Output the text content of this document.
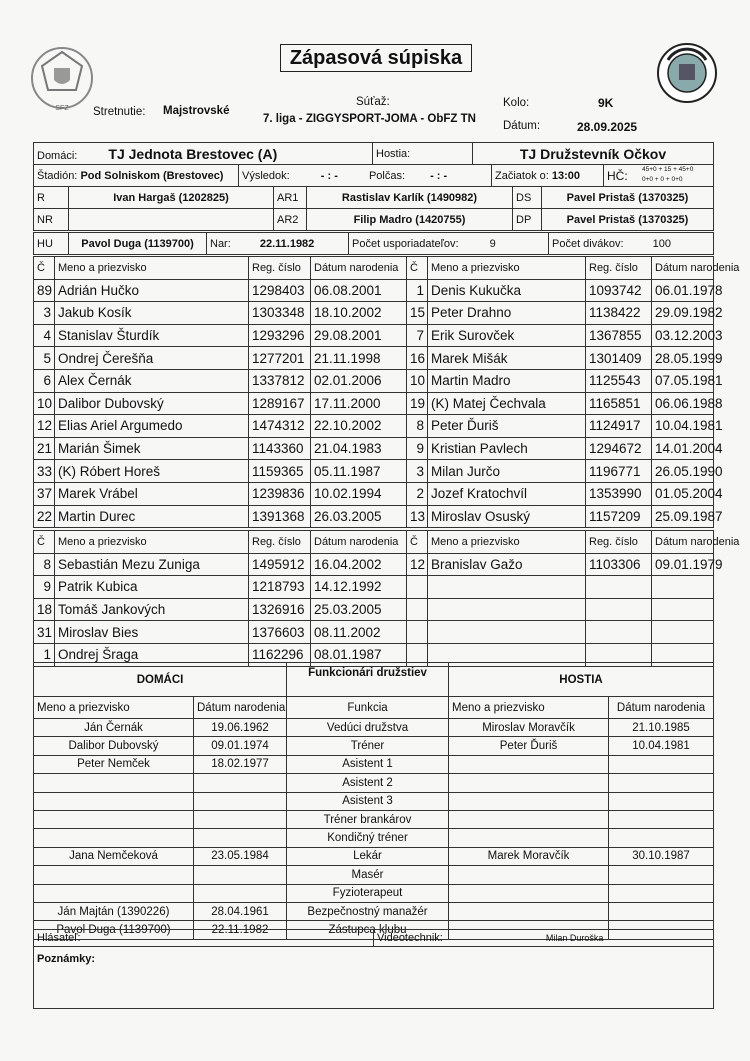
SFZ
Zápasová súpiska
Stretnutie: Majstrovské
Súťaž:
7. liga - ZIGGYSPORT-JOMA - ObFZ TN
Kolo:	9K
Dátum:	28.09.2025
Domáci: TJ Jednota Brestovec (A)	Hostia:	TJ Družstevník Očkov
Štadión: Pod Solniskom (Brestovec)	Výsledok:	- : -	Polčas: - : -	Začiatok o: 13:00	HČ: 45+0 + 15 + 45+0
0+0 + 0 + 0+0
R	Ivan Hargaš (1202825)	AR1	Rastislav Karlík (1490982)	DS	Pavel Pristaš (1370325)
NR		AR2	Filip Madro (1420755)	DP	Pavel Pristaš (1370325)
HU	Pavol Duga (1139700)	Nar:	22.11.1982	Počet usporiadateľov:	9	Počet divákov:	100
Č	Meno a priezvisko	Reg. číslo	Dátum narodenia	Č	Meno a priezvisko	Reg. číslo	Dátum narodenia
89	Adrián Hučko	1298403	06.08.2001	1	Denis Kukučka	1093742	06.01.1978
3	Jakub Kosík	1303348	18.10.2002	15	Peter Drahno	1138422	29.09.1982
4	Stanislav Šturdík	1293296	29.08.2001	7	Erik Surovček	1367855	03.12.2003
5	Ondrej Čerešňa	1277201	21.11.1998	16	Marek Mišák	1301409	28.05.1999
6	Alex Černák	1337812	02.01.2006	10	Martin Madro	1125543	07.05.1981
10	Dalibor Dubovský	1289167	17.11.2000	19	(K) Matej Čechvala	1165851	06.06.1988
12	Elias Ariel Argumedo	1474312	22.10.2002	8	Peter Ďuriš	1124917	10.04.1981
21	Marián Šimek	1143360	21.04.1983	9	Kristian Pavlech	1294672	14.01.2004
33	(K) Róbert Horeš	1159365	05.11.1987	3	Milan Jurčo	1196771	26.05.1990
37	Marek Vrábel	1239836	10.02.1994	2	Jozef Kratochvíl	1353990	01.05.2004
22	Martin Durec	1391368	26.03.2005	13	Miroslav Osuský	1157209	25.09.1987
Č	Meno a priezvisko	Reg. číslo	Dátum narodenia	Č	Meno a priezvisko	Reg. číslo	Dátum narodenia
8	Sebastián Mezu Zuniga	1495912	16.04.2002	12	Branislav Gažo	1103306	09.01.1979
9	Patrik Kubica	1218793	14.12.1992				
18	Tomáš Jankových	1326916	25.03.2005				
31	Miroslav Bies	1376603	08.11.2002				
1	Ondrej Šraga	1162296	08.01.1987				
DOMÁCI		Funkcionári družstiev	HOSTIA	
Meno a priezvisko	Dátum narodenia	Funkcia	Meno a priezvisko	Dátum narodenia
Ján Černák	19.06.1962	Vedúci družstva	Miroslav Moravčík	21.10.1985
Dalibor Dubovský	09.01.1974	Tréner	Peter Ďuriš	10.04.1981
Peter Nemček	18.02.1977	Asistent 1		
		Asistent 2		
		Asistent 3		
		Tréner brankárov		
		Kondičný tréner		
Jana Nemčeková	23.05.1984	Lekár	Marek Moravčík	30.10.1987
		Masér		
		Fyzioterapeut		
Ján Majtán (1390226)	28.04.1961	Bezpečnostný manažér		
Pavol Duga (1139700)	22.11.1982	Zástupca klubu		
Hlásateľ:	Videotechnik:	Milan Duroška
Poznámky:
